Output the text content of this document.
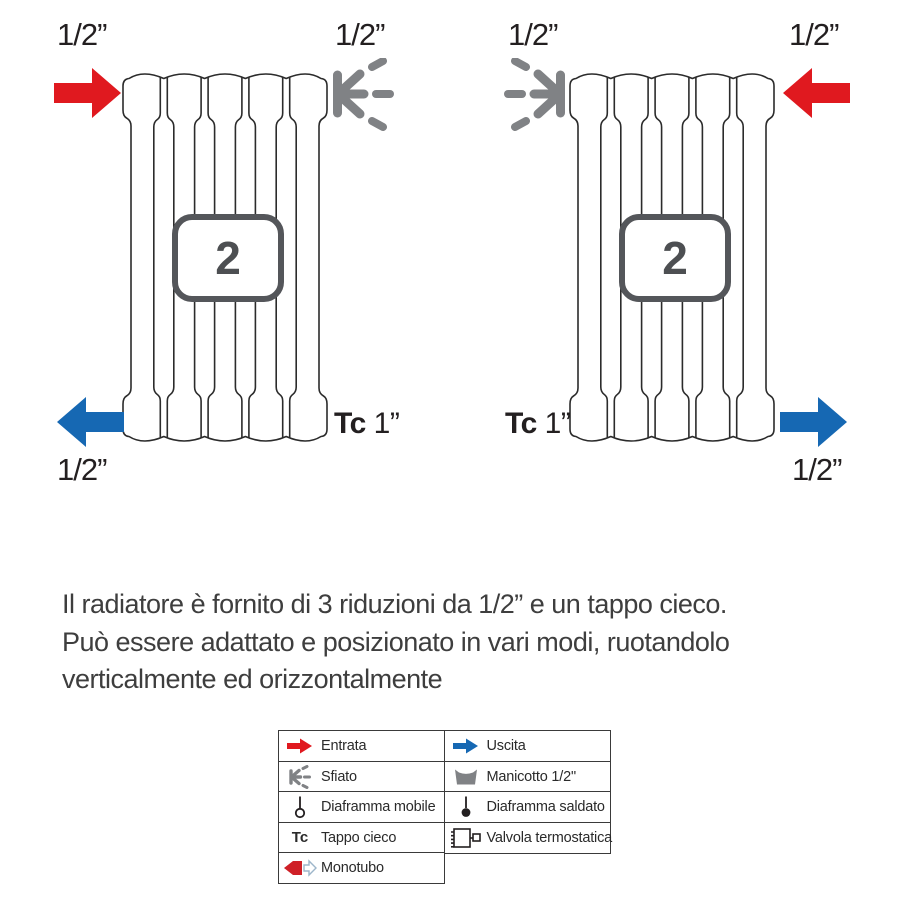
2
1/2”	1/2”
1/2”
Tc 1”
2
1/2”	1/2”
1/2”
Tc 1”
Il radiatore è fornito di 3 riduzioni da 1/2” e un tappo cieco.
Può essere adattato e posizionato in vari modi, ruotandolo
verticalmente ed orizzontalmente
Entrata
Sfiato
Diaframma mobile
Tc Tappo cieco
Monotubo
Uscita
Manicotto 1/2"
Diaframma saldato
Valvola termostatica
